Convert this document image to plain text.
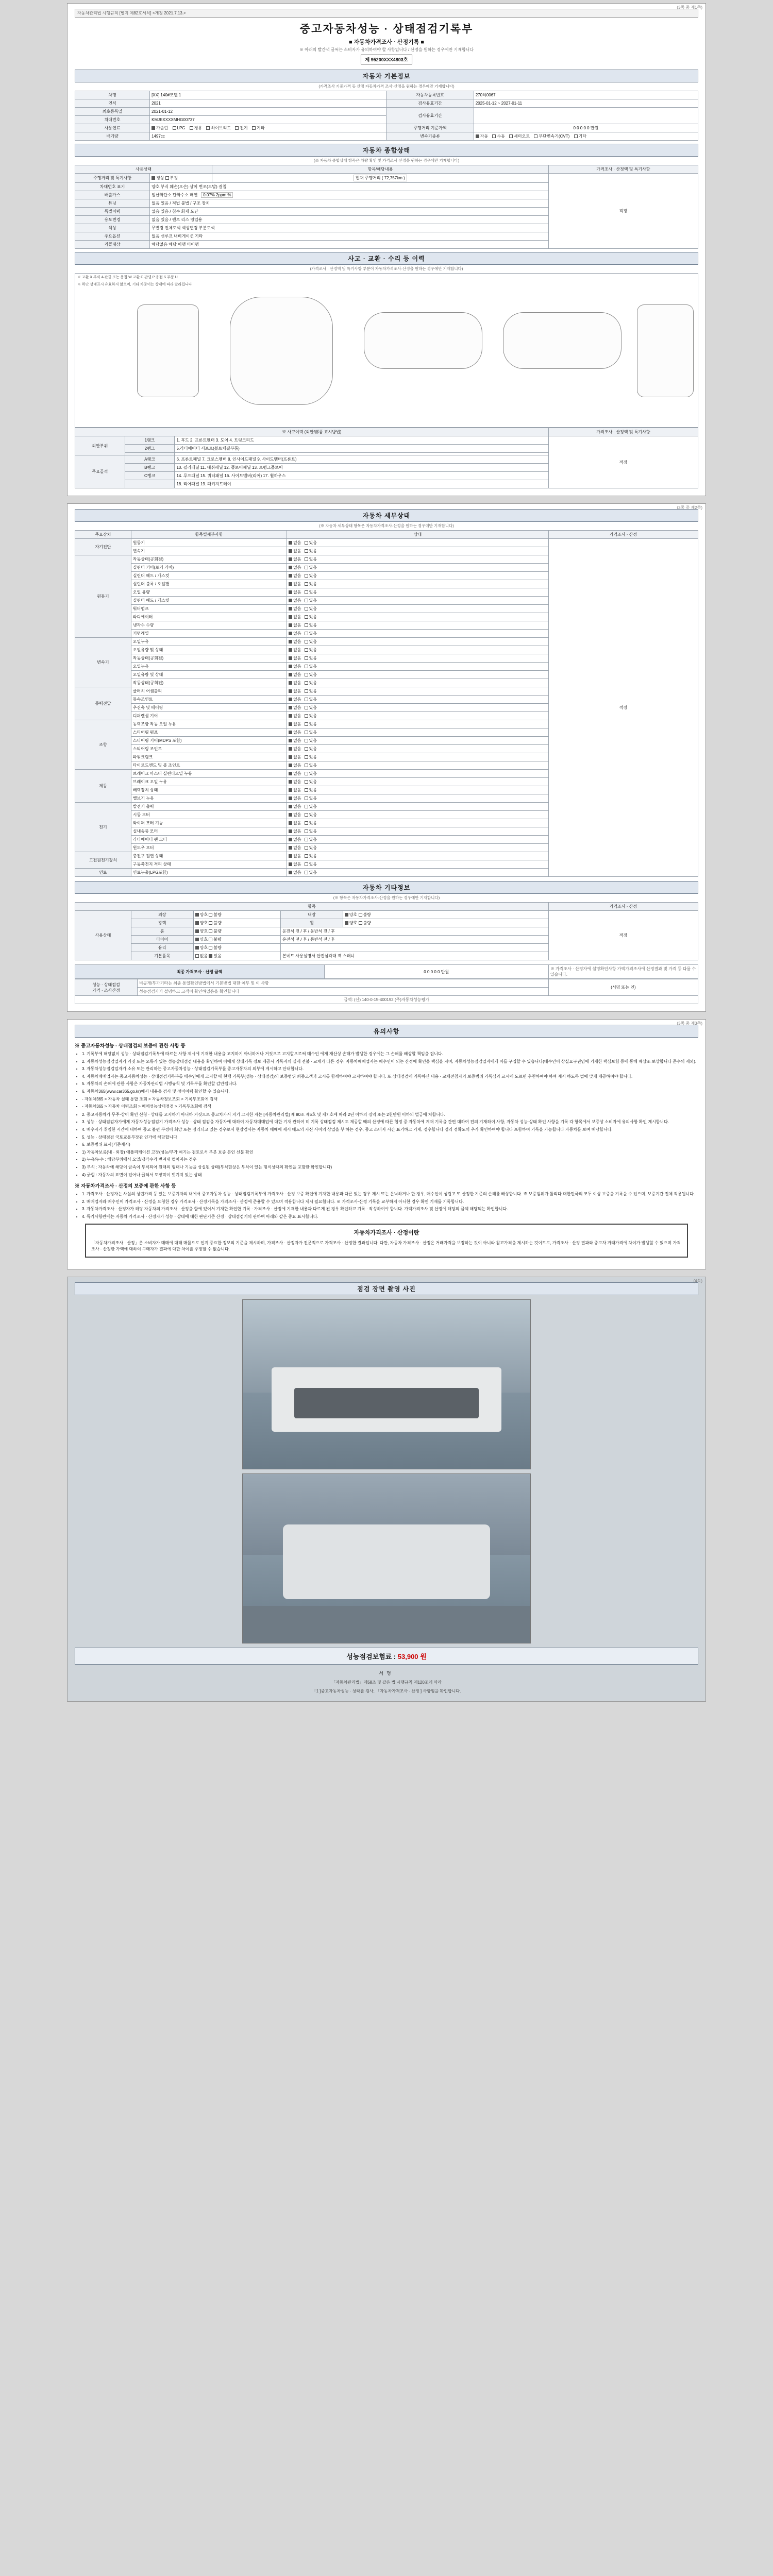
(3쪽 중 제1쪽)
자동차관리법 시행규칙 [별지 제82호서식] <개정 2021.7.13.>
중고자동차성능 · 상태점검기록부
■ 자동차가격조사 · 산정기록 ■
※ 아래의 빨간색 글씨는 소비자가 유의하여야 할 사항입니다 / 산정을 원하는 경우에만 기재합니다
제 95200XXX4803호
자동차 기본정보
(가격조사 기준가격 등 산정 자동차가격 조사·산정을 원하는 경우에만 기재합니다)
차명	[XX] 140#모델 1	자동차등록번호	270허0067
연식	2021	검사유효기간	2025-01-12 ~ 2027-01-11
최초등록일	2021-01-12	검사유효기간	
차대번호	KMJEXXXXMHG00737		
사용연료	가솔린 LPG 경유 하이브리드 전기 기타	주행거리 기준가액	0 0 0 0 0 만원
배기량	1497cc	변속기종류	자동 수동 세미오토 무단변속기(CVT) 기타
자동차 종합상태
(※ 자동차 종합상태 항목은 차량 확인 및 가격조사·산정을 원하는 경우에만 기재합니다)
사용상태		항목/해당내용	가격조사 · 산정액 및 특기사항
주행거리 및 특기사항	정상 부정	현재 주행거리 ( 72,757km )	적정
차대번호 표기	양호 부식 훼손(오손) 상이 변조(도말) 결침		
배출가스	일산화탄소 탄화수소 매연 0.07% 2ppm %		
튜닝	없음 있음 / 적법 불법 / 구조 장치		
특별이력	없음 있음 / 침수 화재 도난		
용도변경	없음 있음 / 렌트 리스 영업용		
색상	무변경 전체도색 색상변경 부분도색		
주요옵션	없음 선루프 내비게이션 기타		
리콜대상	해당없음 해당 이행 미이행		
사고 · 교환 · 수리 등 이력
(가격조사 · 산정액 및 특기사항 부분이 자동차가격조사·산정을 원하는 경우에만 기재합니다)
※ 교환 X 부식 A 판금 또는 용접 W 교환 C 판넬 P 용접 S 부품 U
※ 하단 상태표시 유효하지 않으며, 기타 차종이는 상태에 따라 달라집니다
※ 사고이력 (외판/部품 표시방법)			가격조사 · 산정액 및 특기사항
외판부위	1랭크	1. 후드 2. 프론트휀더 3. 도어 4. 트렁크리드	적정
	2랭크	5.라디에이터 서포트(볼트체결부품)	

주요골격	A랭크	6. 프론트패널 7. 크로스멤버 8. 인사이드패널 9. 사이드멤버(프론트)	
	B랭크	10. 필러패널 11. 대쉬패널 12. 플로어패널 13. 트렁크플로어	
	C랭크	14. 루프패널 15. 쿼터패널 16. 사이드멤버(리어) 17. 휠하우스	
		18. 리어패널 19. 패키지트레이	
(3쪽 중 제2쪽)
자동차 세부상태
(※ 자동차 세부상태 항목은 자동차가격조사·산정을 원하는 경우에만 기재합니다)
주요장치	항목별세부사항	상태	가격조사 · 산정
자기진단	원동기	없음 있음	적정
	변속기	없음 있음	
원동기	작동상태(공회전)	없음 있음	
	실린더 커버(로커 커버)	없음 있음	
	실린더 헤드 / 개스킷	없음 있음	
	실린더 블록 / 오일팬	없음 있음	
	오일 유량	없음 있음	
	실린더 헤드 / 개스킷	없음 있음	
	워터펌프	없음 있음	
	라디에이터	없음 있음	
	냉각수 수량	없음 있음	
	커먼레일	없음 있음	
변속기	오일누유	없음 있음	
	오일유량 및 상태	없음 있음	
	작동상태(공회전)	없음 있음	
	오일누유	없음 있음	
	오일유량 및 상태	없음 있음	
	작동상태(공회전)	없음 있음	
동력전달	클러치 어셈블리	없음 있음	
	등속조인트	없음 있음	
	추진축 및 베어링	없음 있음	
	디퍼렌셜 기어	없음 있음	
조향	동력조향 작동 오일 누유	없음 있음	
	스티어링 펌프	없음 있음	
	스티어링 기어(MDPS 포함)	없음 있음	
	스티어링 조인트	없음 있음	
	파워크랭크	없음 있음	
	타이로드엔드 및 볼 조인트	없음 있음	
제동	브레이크 마스터 실린더오일 누유	없음 있음	
	브레이크 오일 누유	없음 있음	
	배력장치 상태	없음 있음	
	밸브기 누유	없음 있음	
전기	발전기 출력	없음 있음	
	시동 모터	없음 있음	
	와이퍼 모터 기능	없음 있음	
	실내송풍 모터	없음 있음	
	라디에이터 팬 모터	없음 있음	
	윈도우 모터	없음 있음	
고전원전기장치	충전구 절연 상태	없음 있음	
	구동축전지 격리 상태	없음 있음	
연료	연료누출(LPG포함)	없음 있음	
자동차 기타정보
(※ 항목은 자동차가격조사·산정을 원하는 경우에만 기재합니다)
항목					가격조사 · 산정
사용상태	외장	양호 불량	내장	양호 불량	적정
	광택	양호 불량	휠	양호 불량	
	룸	양호 불량	운전석 전 / 후 / 동반석 전 / 후		
	타이어	양호 불량	운전석 전 / 후 / 동반석 전 / 후		
	유리	양호 불량			
	기본품목	없음 있음	본네트 사용설명서 안전삼각대 잭 스패너		
최종 가격조사 · 산정 금액	0 0 0 0 0 만원	※ 가격조사 · 산정자에 설명확인사항 가액가격조사에 산정결과 및 가격 등 다름 수 있습니다.
성능 · 상태점검
가격 · 조사산정
	비공개/부가기타는 최종 통일확인방법에서 기본방법 대한 여부 및 이 사항	(서명 또는 인)
성능점검자가 설명하고 고객이 확인하였음을 확인합니다
금액: (신) 140-0-15-400192 (주)자동차성능평가
(3쪽 중 제3쪽)
유의사항
※ 중고자동차성능 · 상태점검의 보증에 관한 사항 등
• 1. 기록부에 해당없이 성능 · 상태점검기록부에 따르는 사항 제시에 기재한 내용을 고지하기 아니하거나 거짓으로 고지할으로써 매수인 에게 재산상 손해가 발생한 경우에는 그 손해를 배상할 책임을 집니다.
• 2. 자동차성능점검업자가 거짓 또는 오류가 있는 성능상태점검 내용을 확인하여 이에게 상태기록 정보 제공시 기록자의 실제 전불 · 교체가 다른 경우, 자동차매매업자는 매수인이 되는 산정에 확인을 핵심을 지며, 자동차성능점검업자에게 이를 구입할 수 있습니다(매수인이 상실요구권임에 기재한 핵심보험 등에 통해 배상조 보상합니다 준수의 제외).
• 3. 자동차성능점검업자가 소유 또는 관리하는 중고자동차성능 · 상태점검기록부를 중고자동차의 외부에 게시하고 안내합니다.
• 4. 자동차매매업자는 중고자동차성능 · 상태점검기록부를 매수인에게 고지할 때 현행 기록부(성능 · 상태점검)의 보증범위 최종고객과 고시를 함께하여야 고지하여야 합니다. 또 상태점검에 기록하신 내용 · 교체전침자의 보증범위 기록심과 교시에 도르면 추천하여야 하며 제시 하도록 법에 맞게 제공하여야 합니다.
• 5. 자동차의 손해에 관한 사항은 자동차관리법 시행규칙 및 기록부를 확인할 감안됩니다.
• 6. 자동차365(www.car365.go.kr)에서 내용을 검사 및 정비이력 확인할 수 있습니다.
• - 자동차365 > 자동차 실태 통합 조회 > 자동차정보조회 > 기록부조회에 검색
• - 자동차365 > 자동차 이력조회 > 매매성능상태점검 > 기록부조회에 검색
• 2. 중고자동차가 무주·상이 확인 신청 · 상태를 고지하기 아니하 거짓으로 중고차가서 지기 고지한 자는 [자동차관리법] 제 80조 제5호 및 제7 호에 따라 2년 이하의 징역 또는 2천만원 이하의 벌금에 처합니다.
• 3. 성능 · 상태점검자가에게 자동차성능점검기 가격조사 성능 · 상태 점검을 자동차에 대하여 자동차매매업에 대한 기재 관하여 미 기록 상태점검 제시도 제공할 때의 산정에 따른 협정 중 자동차에 게재 기록을 간편 대하여 전의 기재하여 사항, 자동차 성능·상태 확인 사항을 기록 각 항목에서 보증상 소비자에 유의사항 확인 게시합니다.
• 4. 매수자가 취임한 시간에 대하여 중고 불편 부정이 희망 또는 정리되고 있는 경우로서 현장검사는 자동차 매매에 제시 매도의 자신 사이의 상업을 부 하는 경우, 중고 소비자 시간 표기하고 기재, 정수합니다 정리 정확도의 추가 확인하여야 합니다 포함하여 기록을 가능합니다 자동차를 보여 해당합니다.
• 5. 성능 · 상태점검 국토교통부장관 인가에 해당합니다
• 6. 보증범위 표시(기준제시)
• 1) 자동차보증(내 · 외장) 애플리케이션 고장(성능/부가 여기는 검토로서 부분 보증 본인 신분 확인
• 2) 누유/누수 : 해당부위에서 오일/냉각수가 번져내 떨어지는 경우
• 3) 부식 : 자동차에 해당이 금속이 부식되어 원래의 형태나 기능을 상실된 상태(부식현상은 부식이 있는 형식상태의 확인을 포함한 확인합니다)
• 4) 긁힘 : 자동차의 표면이 있어나 긁혀서 도장막이 벗겨져 있는 상태
※ 자동차가격조사 · 산정의 보증에 관한 사항 등
• 1. 가격조사 · 산정자는 사실의 성립가격 등 있는 보증기자의 내에서 중고자동차 성능 · 상태점검기록부에 가격조사 · 산정 보증 확인에 기재한 내용과 다른 있는 경우 제시 또는 은닉하거나 한 경우, 매수인이 성립고 또 산정한 기준의 손해를 배상합니다. ※ 보증범위가 틀리다 대한민국의 모두 이상 보증을 기록을 수 있으며, 보증기간 전체 적용됩니다.
• 2. 매매업자와 매수인이 가격조사 · 산정을 요청한 경우 가격조사 · 산정기록을 가격조사 · 산정에 준용할 수 있으며 적용합니다 제시 필요합니다. ※ 가격조사·산정 기록을 교부하지 아니한 경우 확인 기재를 기록합니다.
• 3. 자동차가격조사 · 산정자가 해당 자동차의 가격조사 · 산정을 함에 있어서 기재한 확인한 기록 · 가격조사 · 산정에 기재한 내용과 다르게 된 경우 확인하고 기록 · 작성하여야 합니다. 가액가격조사 및 산정에 해당의 금액 해당되는 확인합니다.
• 4. 특기사항란에는 자동차 가격조사 · 산정자가 성능 · 상태에 대한 판단기준 산정 · 상태점검기의 관하여 아래와 같은 중요 표시합니다.
자동차가격조사 · 산정이란
「자동차가격조사 · 산정」은 소비자가 매매에 대해 매물으로 인지 중요한 정보의 기준을 제시하며, 가격조사 · 산정자가 전문적으로 가격조사 · 산정한 결과입니다. 다만, 자동차 가격조사 · 산정은 거래가격을 보장하는 것이 아니라 참고가격을 제시하는 것이므로, 가격조사 · 산정 결과와 중고차 거래가격에 차이가 발생할 수 있으며 가격조사 · 산정한 가액에 대하여 구매자가 결과에 대한 차이를 주장할 수 없습니다.
(4쪽)
점검 장면 촬영 사진
성능점검보험료 : 53,900 원
서명
「자동차관리법」제58조 및 같은 법 시행규칙 제120조에 따라
「1 ]중고자동차성능 · 상태를 검사, 「자동차가격조사 · 산정 ] 사항임을 확인합니다.
